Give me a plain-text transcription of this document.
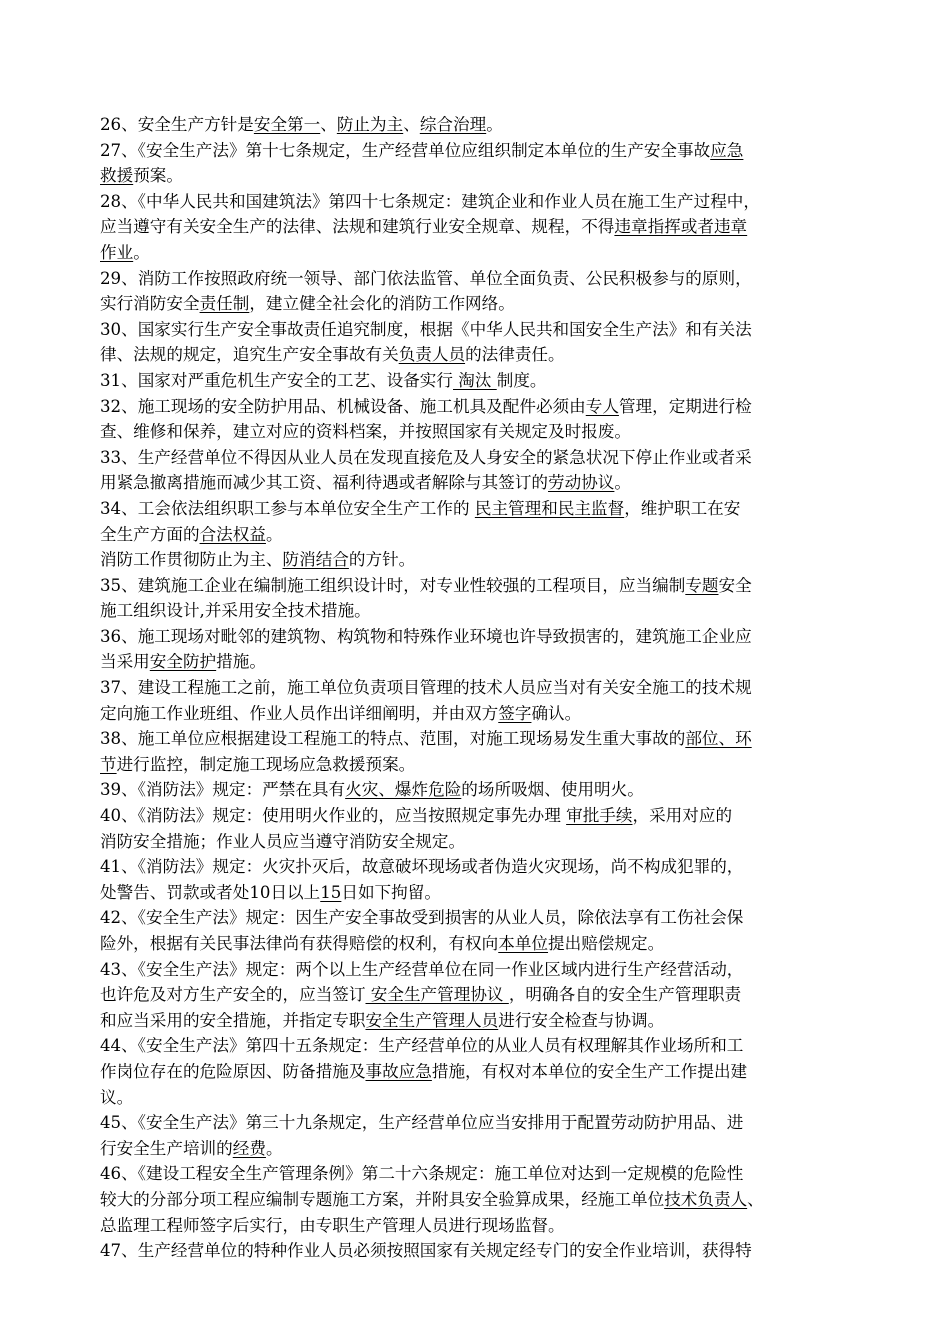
26、安全生产方针是安全第一、防止为主、综合治理。
27、《安全生产法》第十七条规定，生产经营单位应组织制定本单位的生产安全事故应急
救援预案。
28、《中华人民共和国建筑法》第四十七条规定：建筑企业和作业人员在施工生产过程中，
应当遵守有关安全生产的法律、法规和建筑行业安全规章、规程，不得违章指挥或者违章
作业。
29、消防工作按照政府统一领导、部门依法监管、单位全面负责、公民积极参与的原则，
实行消防安全责任制，建立健全社会化的消防工作网络。
30、国家实行生产安全事故责任追究制度，根据《中华人民共和国安全生产法》和有关法
律、法规的规定，追究生产安全事故有关负责人员的法律责任。
31、国家对严重危机生产安全的工艺、设备实行 淘汰 制度。
32、施工现场的安全防护用品、机械设备、施工机具及配件必须由专人管理，定期进行检
查、维修和保养，建立对应的资料档案，并按照国家有关规定及时报废。
33、生产经营单位不得因从业人员在发现直接危及人身安全的紧急状况下停止作业或者采
用紧急撤离措施而减少其工资、福利待遇或者解除与其签订的劳动协议。
34、工会依法组织职工参与本单位安全生产工作的 民主管理和民主监督，维护职工在安
全生产方面的合法权益。
消防工作贯彻防止为主、防消结合的方针。
35、建筑施工企业在编制施工组织设计时，对专业性较强的工程项目，应当编制专题安全
施工组织设计,并采用安全技术措施。
36、施工现场对毗邻的建筑物、构筑物和特殊作业环境也许导致损害的，建筑施工企业应
当采用安全防护措施。
37、建设工程施工之前，施工单位负责项目管理的技术人员应当对有关安全施工的技术规
定向施工作业班组、作业人员作出详细阐明，并由双方签字确认。
38、施工单位应根据建设工程施工的特点、范围，对施工现场易发生重大事故的部位、环
节进行监控，制定施工现场应急救援预案。
39、《消防法》规定：严禁在具有火灾、爆炸危险的场所吸烟、使用明火。
40、《消防法》规定：使用明火作业的，应当按照规定事先办理 审批手续，采用对应的
消防安全措施；作业人员应当遵守消防安全规定。
41、《消防法》规定：火灾扑灭后，故意破坏现场或者伪造火灾现场，尚不构成犯罪的，
处警告、罚款或者处10日以上15日如下拘留。
42、《安全生产法》规定：因生产安全事故受到损害的从业人员，除依法享有工伤社会保
险外，根据有关民事法律尚有获得赔偿的权利，有权向本单位提出赔偿规定。
43、《安全生产法》规定：两个以上生产经营单位在同一作业区域内进行生产经营活动，
也许危及对方生产安全的，应当签订 安全生产管理协议 ，明确各自的安全生产管理职责
和应当采用的安全措施，并指定专职安全生产管理人员进行安全检查与协调。
44、《安全生产法》第四十五条规定：生产经营单位的从业人员有权理解其作业场所和工
作岗位存在的危险原因、防备措施及事故应急措施，有权对本单位的安全生产工作提出建
议。
45、《安全生产法》第三十九条规定，生产经营单位应当安排用于配置劳动防护用品、进
行安全生产培训的经费。
46、《建设工程安全生产管理条例》第二十六条规定：施工单位对达到一定规模的危险性
较大的分部分项工程应编制专题施工方案，并附具安全验算成果，经施工单位技术负责人、
总监理工程师签字后实行，由专职生产管理人员进行现场监督。
47、生产经营单位的特种作业人员必须按照国家有关规定经专门的安全作业培训，获得特
